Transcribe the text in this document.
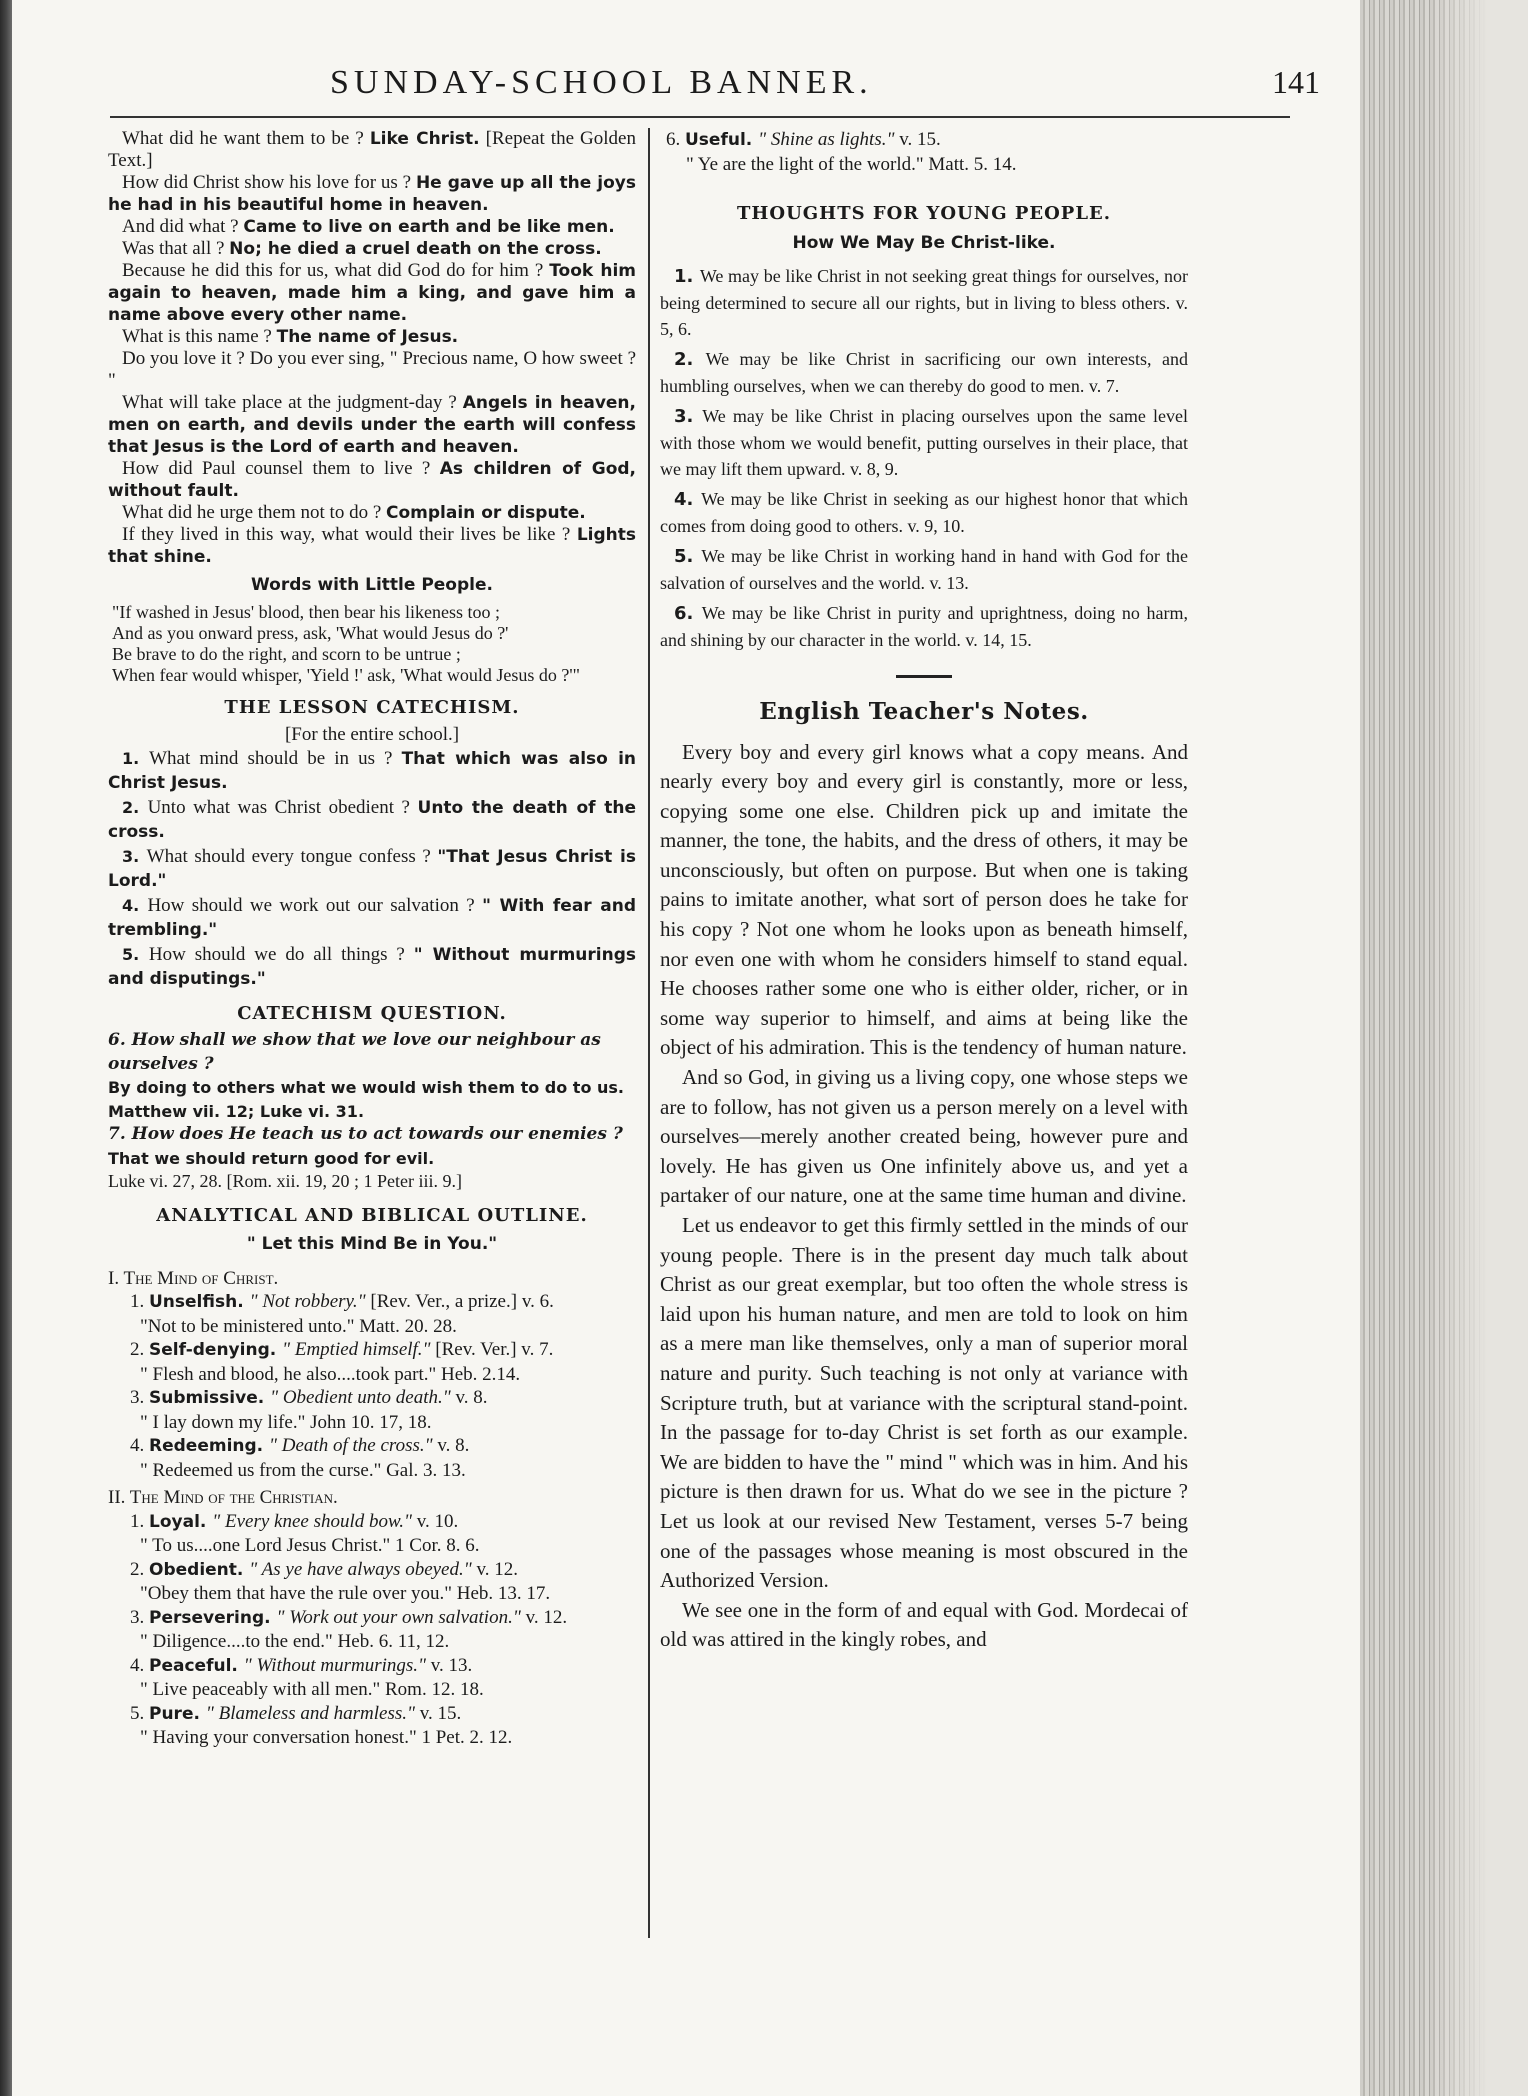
SUNDAY-SCHOOL BANNER.	141
What did he want them to be ? Like Christ. [Repeat the Golden Text.]
How did Christ show his love for us ? He gave up all the joys he had in his beautiful home in heaven.
And did what ? Came to live on earth and be like men.
Was that all ? No; he died a cruel death on the cross.
Because he did this for us, what did God do for him ? Took him again to heaven, made him a king, and gave him a name above every other name.
What is this name ? The name of Jesus.
Do you love it ? Do you ever sing, " Precious name, O how sweet ? "
What will take place at the judgment-day ? Angels in heaven, men on earth, and devils under the earth will confess that Jesus is the Lord of earth and heaven.
How did Paul counsel them to live ? As children of God, without fault.
What did he urge them not to do ? Complain or dispute.
If they lived in this way, what would their lives be like ? Lights that shine.
Words with Little People.
"If washed in Jesus' blood, then bear his likeness too ;
And as you onward press, ask, 'What would Jesus do ?'
Be brave to do the right, and scorn to be untrue ;
When fear would whisper, 'Yield !' ask, 'What would Jesus do ?'"
THE LESSON CATECHISM.
[For the entire school.]
1. What mind should be in us ? That which was also in Christ Jesus.
2. Unto what was Christ obedient ? Unto the death of the cross.
3. What should every tongue confess ? "That Jesus Christ is Lord."
4. How should we work out our salvation ? " With fear and trembling."
5. How should we do all things ? " Without murmurings and disputings."
CATECHISM QUESTION.
6. How shall we show that we love our neighbour as ourselves ?
By doing to others what we would wish them to do to us. Matthew vii. 12; Luke vi. 31.
7. How does He teach us to act towards our enemies ?
That we should return good for evil.
Luke vi. 27, 28. [Rom. xii. 19, 20 ; 1 Peter iii. 9.]
ANALYTICAL AND BIBLICAL OUTLINE.
" Let this Mind Be in You."
I. The Mind of Christ.
1. Unselfish. " Not robbery." [Rev. Ver., a prize.] v. 6.
"Not to be ministered unto." Matt. 20. 28.
2. Self-denying. " Emptied himself." [Rev. Ver.] v. 7.
" Flesh and blood, he also....took part." Heb. 2.14.
3. Submissive. " Obedient unto death." v. 8.
" I lay down my life." John 10. 17, 18.
4. Redeeming. " Death of the cross." v. 8.
" Redeemed us from the curse." Gal. 3. 13.
II. The Mind of the Christian.
1. Loyal. " Every knee should bow." v. 10.
" To us....one Lord Jesus Christ." 1 Cor. 8. 6.
2. Obedient. " As ye have always obeyed." v. 12.
"Obey them that have the rule over you." Heb. 13. 17.
3. Persevering. " Work out your own salvation." v. 12.
" Diligence....to the end." Heb. 6. 11, 12.
4. Peaceful. " Without murmurings." v. 13.
" Live peaceably with all men." Rom. 12. 18.
5. Pure. " Blameless and harmless." v. 15.
" Having your conversation honest." 1 Pet. 2. 12.
6. Useful. " Shine as lights." v. 15.
" Ye are the light of the world." Matt. 5. 14.
THOUGHTS FOR YOUNG PEOPLE.
How We May Be Christ-like.
1. We may be like Christ in not seeking great things for ourselves, nor being determined to secure all our rights, but in living to bless others. v. 5, 6.
2. We may be like Christ in sacrificing our own interests, and humbling ourselves, when we can thereby do good to men. v. 7.
3. We may be like Christ in placing ourselves upon the same level with those whom we would benefit, putting ourselves in their place, that we may lift them upward. v. 8, 9.
4. We may be like Christ in seeking as our highest honor that which comes from doing good to others. v. 9, 10.
5. We may be like Christ in working hand in hand with God for the salvation of ourselves and the world. v. 13.
6. We may be like Christ in purity and uprightness, doing no harm, and shining by our character in the world. v. 14, 15.
English Teacher's Notes.

Every boy and every girl knows what a copy means. And nearly every boy and every girl is constantly, more or less, copying some one else. Children pick up and imitate the manner, the tone, the habits, and the dress of others, it may be unconsciously, but often on purpose. But when one is taking pains to imitate another, what sort of person does he take for his copy ? Not one whom he looks upon as beneath himself, nor even one with whom he considers himself to stand equal. He chooses rather some one who is either older, richer, or in some way superior to himself, and aims at being like the object of his admiration. This is the tendency of human nature.

And so God, in giving us a living copy, one whose steps we are to follow, has not given us a person merely on a level with ourselves—merely another created being, however pure and lovely. He has given us One infinitely above us, and yet a partaker of our nature, one at the same time human and divine.

Let us endeavor to get this firmly settled in the minds of our young people. There is in the present day much talk about Christ as our great exemplar, but too often the whole stress is laid upon his human nature, and men are told to look on him as a mere man like themselves, only a man of superior moral nature and purity. Such teaching is not only at variance with Scripture truth, but at variance with the scriptural stand-point. In the passage for to-day Christ is set forth as our example. We are bidden to have the " mind " which was in him. And his picture is then drawn for us. What do we see in the picture ? Let us look at our revised New Testament, verses 5-7 being one of the passages whose meaning is most obscured in the Authorized Version.

We see one in the form of and equal with God. Mordecai of old was attired in the kingly robes, and
